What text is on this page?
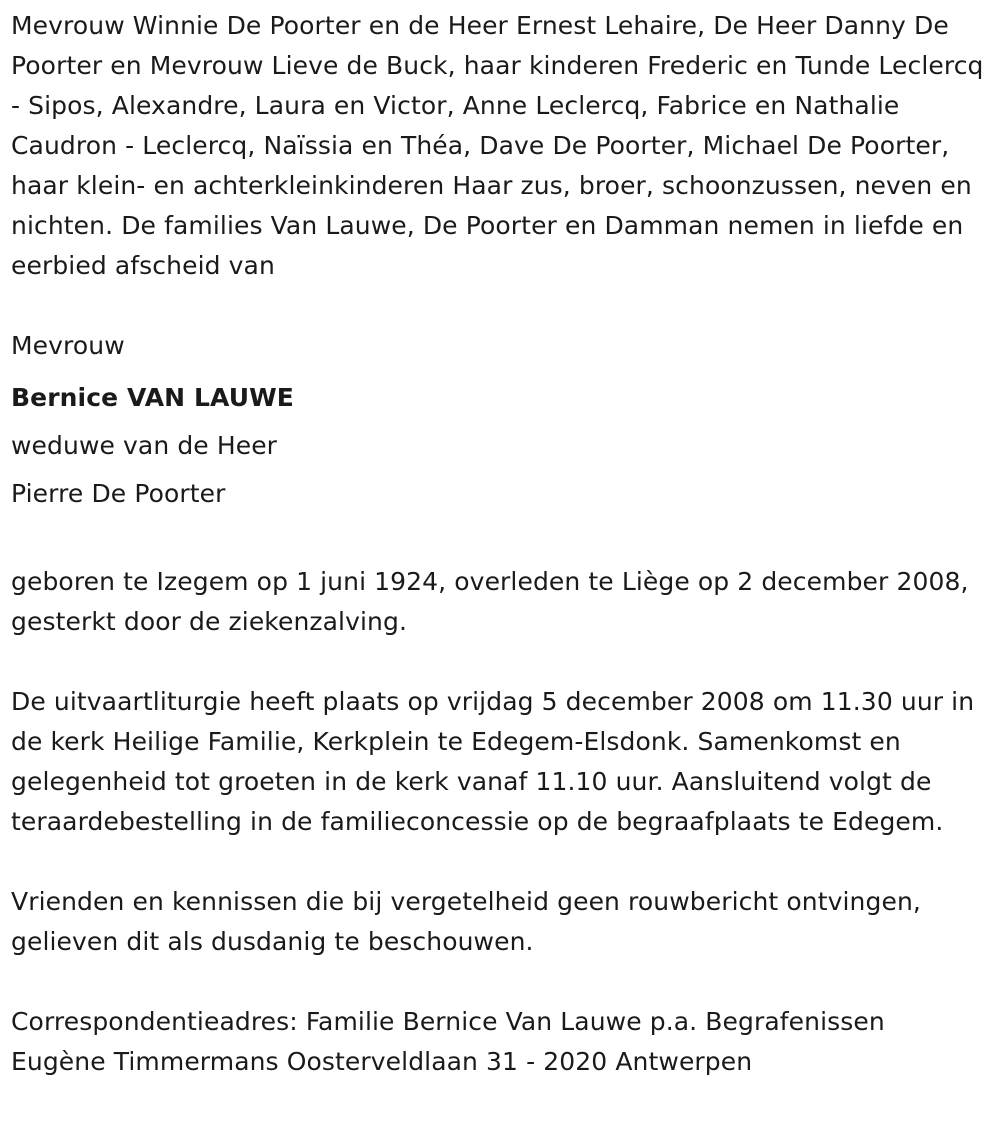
Mevrouw Winnie De Poorter en de Heer Ernest Lehaire, De Heer Danny De Poorter en Mevrouw Lieve de Buck, haar kinderen Frederic en Tunde Leclercq - Sipos, Alexandre, Laura en Victor, Anne Leclercq, Fabrice en Nathalie Caudron - Leclercq, Naïssia en Théa, Dave De Poorter, Michael De Poorter, haar klein- en achterkleinkinderen Haar zus, broer, schoonzussen, neven en nichten. De families Van Lauwe, De Poorter en Damman nemen in liefde en eerbied afscheid van

Mevrouw
Bernice VAN LAUWE
weduwe van de Heer
Pierre De Poorter

geboren te Izegem op 1 juni 1924, overleden te Liège op 2 december 2008, gesterkt door de ziekenzalving.

De uitvaartliturgie heeft plaats op vrijdag 5 december 2008 om 11.30 uur in de kerk Heilige Familie, Kerkplein te Edegem-Elsdonk. Samenkomst en gelegenheid tot groeten in de kerk vanaf 11.10 uur. Aansluitend volgt de teraardebestelling in de familieconcessie op de begraafplaats te Edegem.

Vrienden en kennissen die bij vergetelheid geen rouwbericht ontvingen, gelieven dit als dusdanig te beschouwen.

Correspondentieadres: Familie Bernice Van Lauwe p.a. Begrafenissen Eugène Timmermans Oosterveldlaan 31 - 2020 Antwerpen
